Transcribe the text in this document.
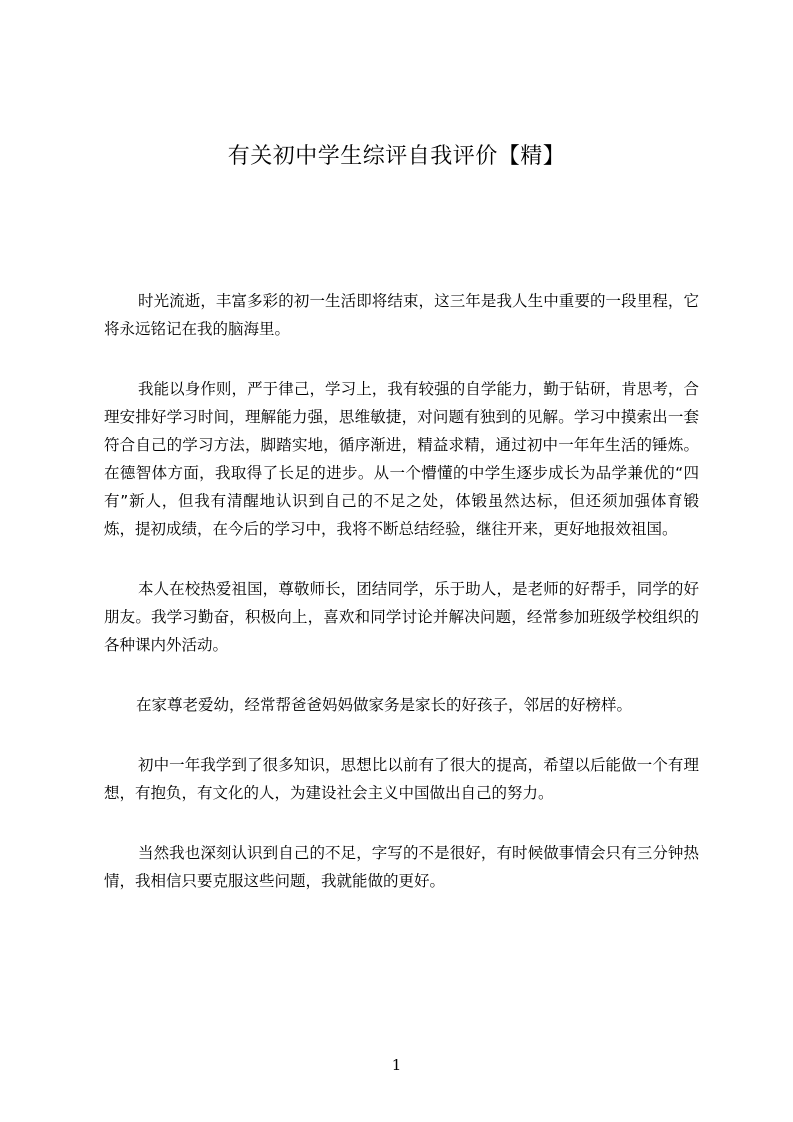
有关初中学生综评自我评价【精】

时光流逝，丰富多彩的初一生活即将结束，这三年是我人生中重要的一段里程，它将永远铭记在我的脑海里。

我能以身作则，严于律己，学习上，我有较强的自学能力，勤于钻研，肯思考，合理安排好学习时间，理解能力强，思维敏捷，对问题有独到的见解。学习中摸索出一套符合自己的学习方法，脚踏实地，循序渐进，精益求精，通过初中一年年生活的锤炼。在德智体方面，我取得了长足的进步。从一个懵懂的中学生逐步成长为品学兼优的“四有”新人，但我有清醒地认识到自己的不足之处，体锻虽然达标，但还须加强体育锻炼，提初成绩，在今后的学习中，我将不断总结经验，继往开来，更好地报效祖国。

本人在校热爱祖国，尊敬师长，团结同学，乐于助人，是老师的好帮手，同学的好朋友。我学习勤奋，积极向上，喜欢和同学讨论并解决问题，经常参加班级学校组织的各种课内外活动。

在家尊老爱幼，经常帮爸爸妈妈做家务是家长的好孩子，邻居的好榜样。

初中一年我学到了很多知识，思想比以前有了很大的提高，希望以后能做一个有理想，有抱负，有文化的人，为建设社会主义中国做出自己的努力。

当然我也深刻认识到自己的不足，字写的不是很好，有时候做事情会只有三分钟热情，我相信只要克服这些问题，我就能做的更好。

1
